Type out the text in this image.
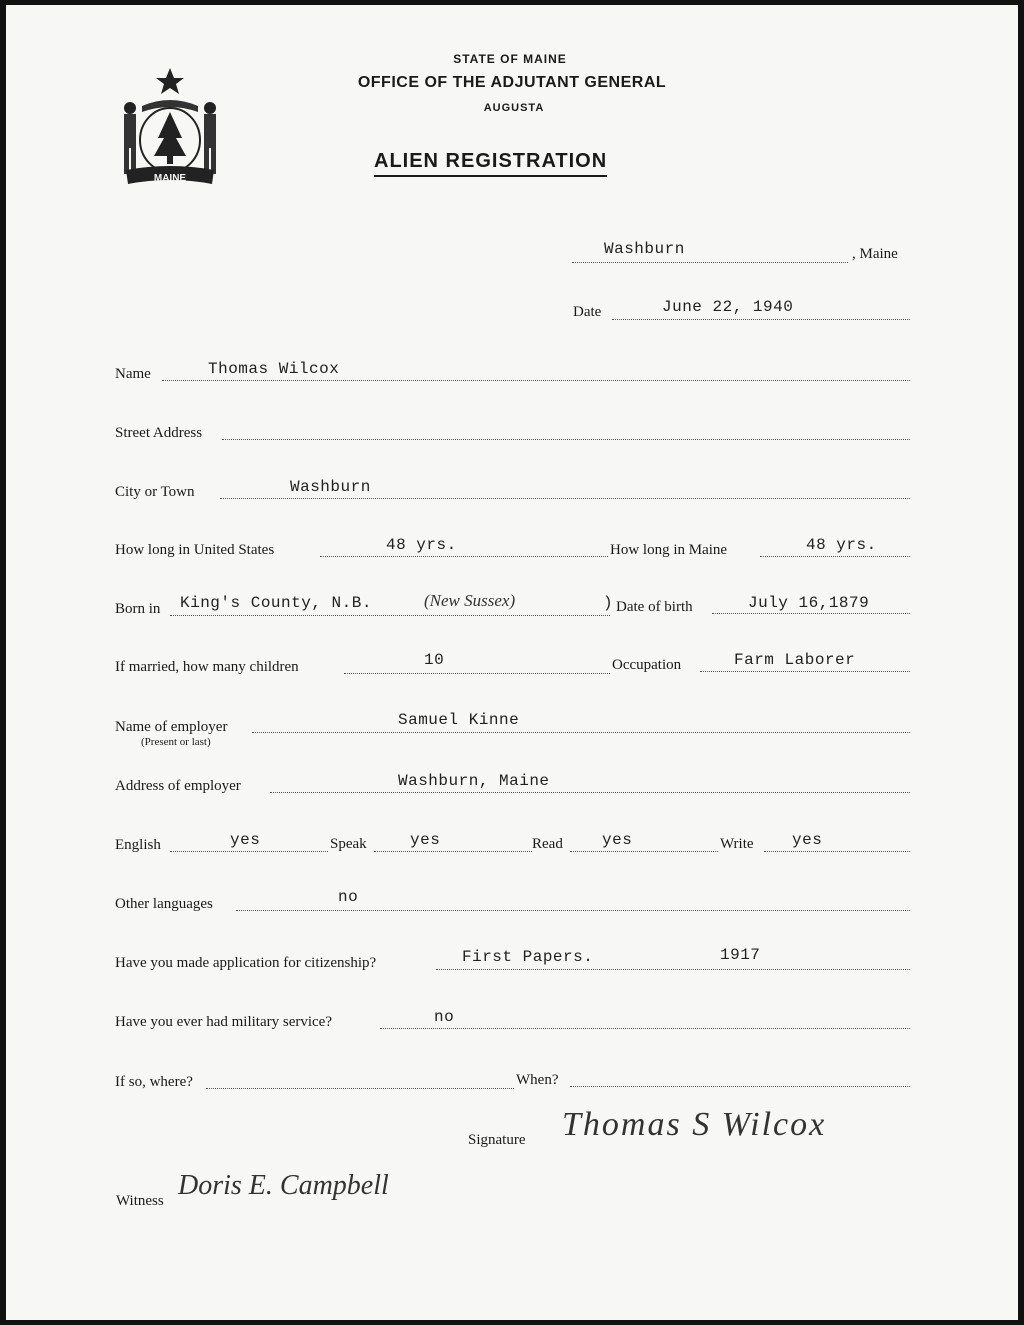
MAINE
STATE OF MAINE
OFFICE OF THE ADJUTANT GENERAL
AUGUSTA
ALIEN REGISTRATION
Washburn	, Maine
Date	June 22, 1940
Name	Thomas Wilcox
Street Address
City or Town	Washburn
How long in United States	48 yrs.	How long in Maine	48 yrs.
Born in King's County, N.B.	(New Sussex)	) Date of birth	July 16,1879
If married, how many children	10	Occupation	Farm Laborer
Name of employer
(Present or last)
Samuel Kinne
Address of employer	Washburn, Maine
English	yes	Speak	yes	Read yes	Write yes
Other languages	no
Have you made application for citizenship?	First Papers.	1917
Have you ever had military service?	no
If so, where?	When?
Signature Thomas S Wilcox
Witness Doris E. Campbell
